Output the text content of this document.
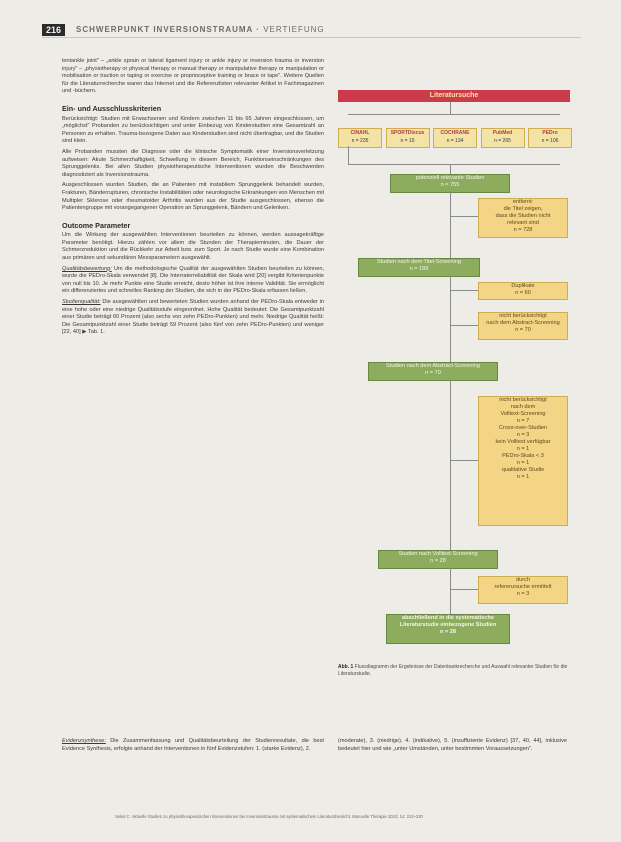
216	SCHWERPUNKT INVERSIONSTRAUMA · VERTIEFUNG

lentankle joint" – „ankle sprain or lateral ligament injury or ankle injury or inversion trauma or inversion injury" – „physiotherapy or physical therapy or manual therapy or manipulative therapy or manipulation or mobilisation or traction or taping or exercise or proprioceptive training or brace or tape". Weitere Quellen für die Literaturrecherche waren das Internet und die Referenzlisten relevanter Artikel in Fachmagazinen und -büchern.

Ein- und Ausschlusskriterien

Berücksichtigt: Studien mit Erwachsenen und Kindern zwischen 11 bis 65 Jahren eingeschlossen, um „möglichst" Probanden zu berücksichtigen und unter Einbezug von Kinderstudien eine Gesamtzahl an Personen zu erhalten. Trauma-bezogene Daten aus Kinderstudien sind nicht übertragbar, und die Studien sind klein.

Alle Probanden mussten die Diagnose oder die klinische Symptomatik einer Inversionsverletzung aufweisen: Akute Schmerzhaftigkeit, Schwellung in diesem Bereich, Funktionseinschränkungen des Sprunggelenks. Bei allen Studien physiotherapeutische Interventionen wurden die Beschwerden diagnostiziert als Inversionstrauma.

Ausgeschlossen wurden Studien, die an Patienten mit instabilem Sprunggelenk behandelt wurden, Frakturen, Bänderrupturen, chronische Instabilitäten oder neurologische Erkrankungen von Menschen mit Multipler Sklerose oder rheumatoider Arthritis wurden aus der Studie ausgeschlossen, ebenso die Patientengruppe mit vorangegangener Operation an Sprunggelenk, Bändern und Gelenken.

Outcome Parameter

Um die Wirkung der ausgewählten Interventionen beurteilen zu können, werden aussagekräftige Parameter benötigt. Hierzu zählen vor allem die Stunden der Therapieminuten, die Dauer der Schmerzreduktion und die Rückkehr zur Arbeit bzw. zum Sport. Je nach Studie wurde eine Kombination aus primären und sekundären Messparametern ausgewählt.

Qualitätsbewertung: Um die methodologische Qualität der ausgewählten Studien beurteilen zu können, wurde die PEDro-Skala verwendet [8]. Die Interraterreliabilität der Skala wird [20] vergibt Kriterienpunkte von null bis 10. Je mehr Punkte eine Studie erreicht, desto höher ist ihre interne Validität. Sie ermöglicht ein differenziertes und schnelles Ranking der Studien, die sich in der PEDro-Skala erfassen ließen.

Studienqualität: Die ausgewählten und bewerteten Studien wurden anhand der PEDro-Skala entweder in eine hohe oder eine niedrige Qualitätsstufe eingeordnet. Hohe Qualität bedeutet: Die Gesamtpunktzahl einer Studie beträgt 60 Prozent (also sechs von zehn PEDro-Punkten) und mehr. Niedrige Qualität heißt: Die Gesamtpunktzahl einer Studie beträgt 59 Prozent (also fünf von zehn PEDro-Punkten) und weniger [22, 40] ▶ Tab. 1.

Literatursuche
CINAHL
n = 235
SPORTDiscus
n = 15
COCHRANE
n = 134
PubMed
n = 265
PEDro
n = 106
potenziell relevante Studien
n = 755
entfernt:
die Titel zeigen,
dass die Studien nicht
relevant sind
n = 728
Studien nach dem Titel-Screening
n = 189
Duplikate
n = 60
nicht berücksichtigt
nach dem Abstract-Screening
n = 70
Studien nach dem Abstract-Screening
n = 70
nicht berücksichtigt
nach dem
Volltext-Screening
n = 7
Cross-over-Studien
n = 3
kein Volltext verfügbar
n = 1
PEDro-Skala < 3
n = 1
qualitative Studie
n = 1
Studien nach Volltext-Screening
n = 28
durch
referenzsuche ermittelt
n = 3
abschließend in die systematische
Literaturstudie einbezogene Studien
n = 28
Abb. 1 Flussdiagramm der Ergebnisse der Datenbankrecherche und Auswahl relevanter Studien für die Literaturstudie.
Evidenzsynthese: Die Zusammenfassung und Qualitätsbeurteilung der Studienresultate, die best Evidence Synthesis, erfolgte anhand der Interventionen in fünf Evidenzstufen: 1. (starke Evidenz), 2.
(moderate), 3. (niedrige), 4. (indikative), 5. (insuffiziente Evidenz) [37, 40, 44], inklusive bedeutet hier und wie „unter Umständen, unter bestimmten Voraussetzungen".
Seitel C. Aktuelle Studien zu physiotherapeutischen Interventionen bei Inversionstrauma mit systematischem Literaturübersicht. Manuelle Therapie 2010; 14: 213–220
